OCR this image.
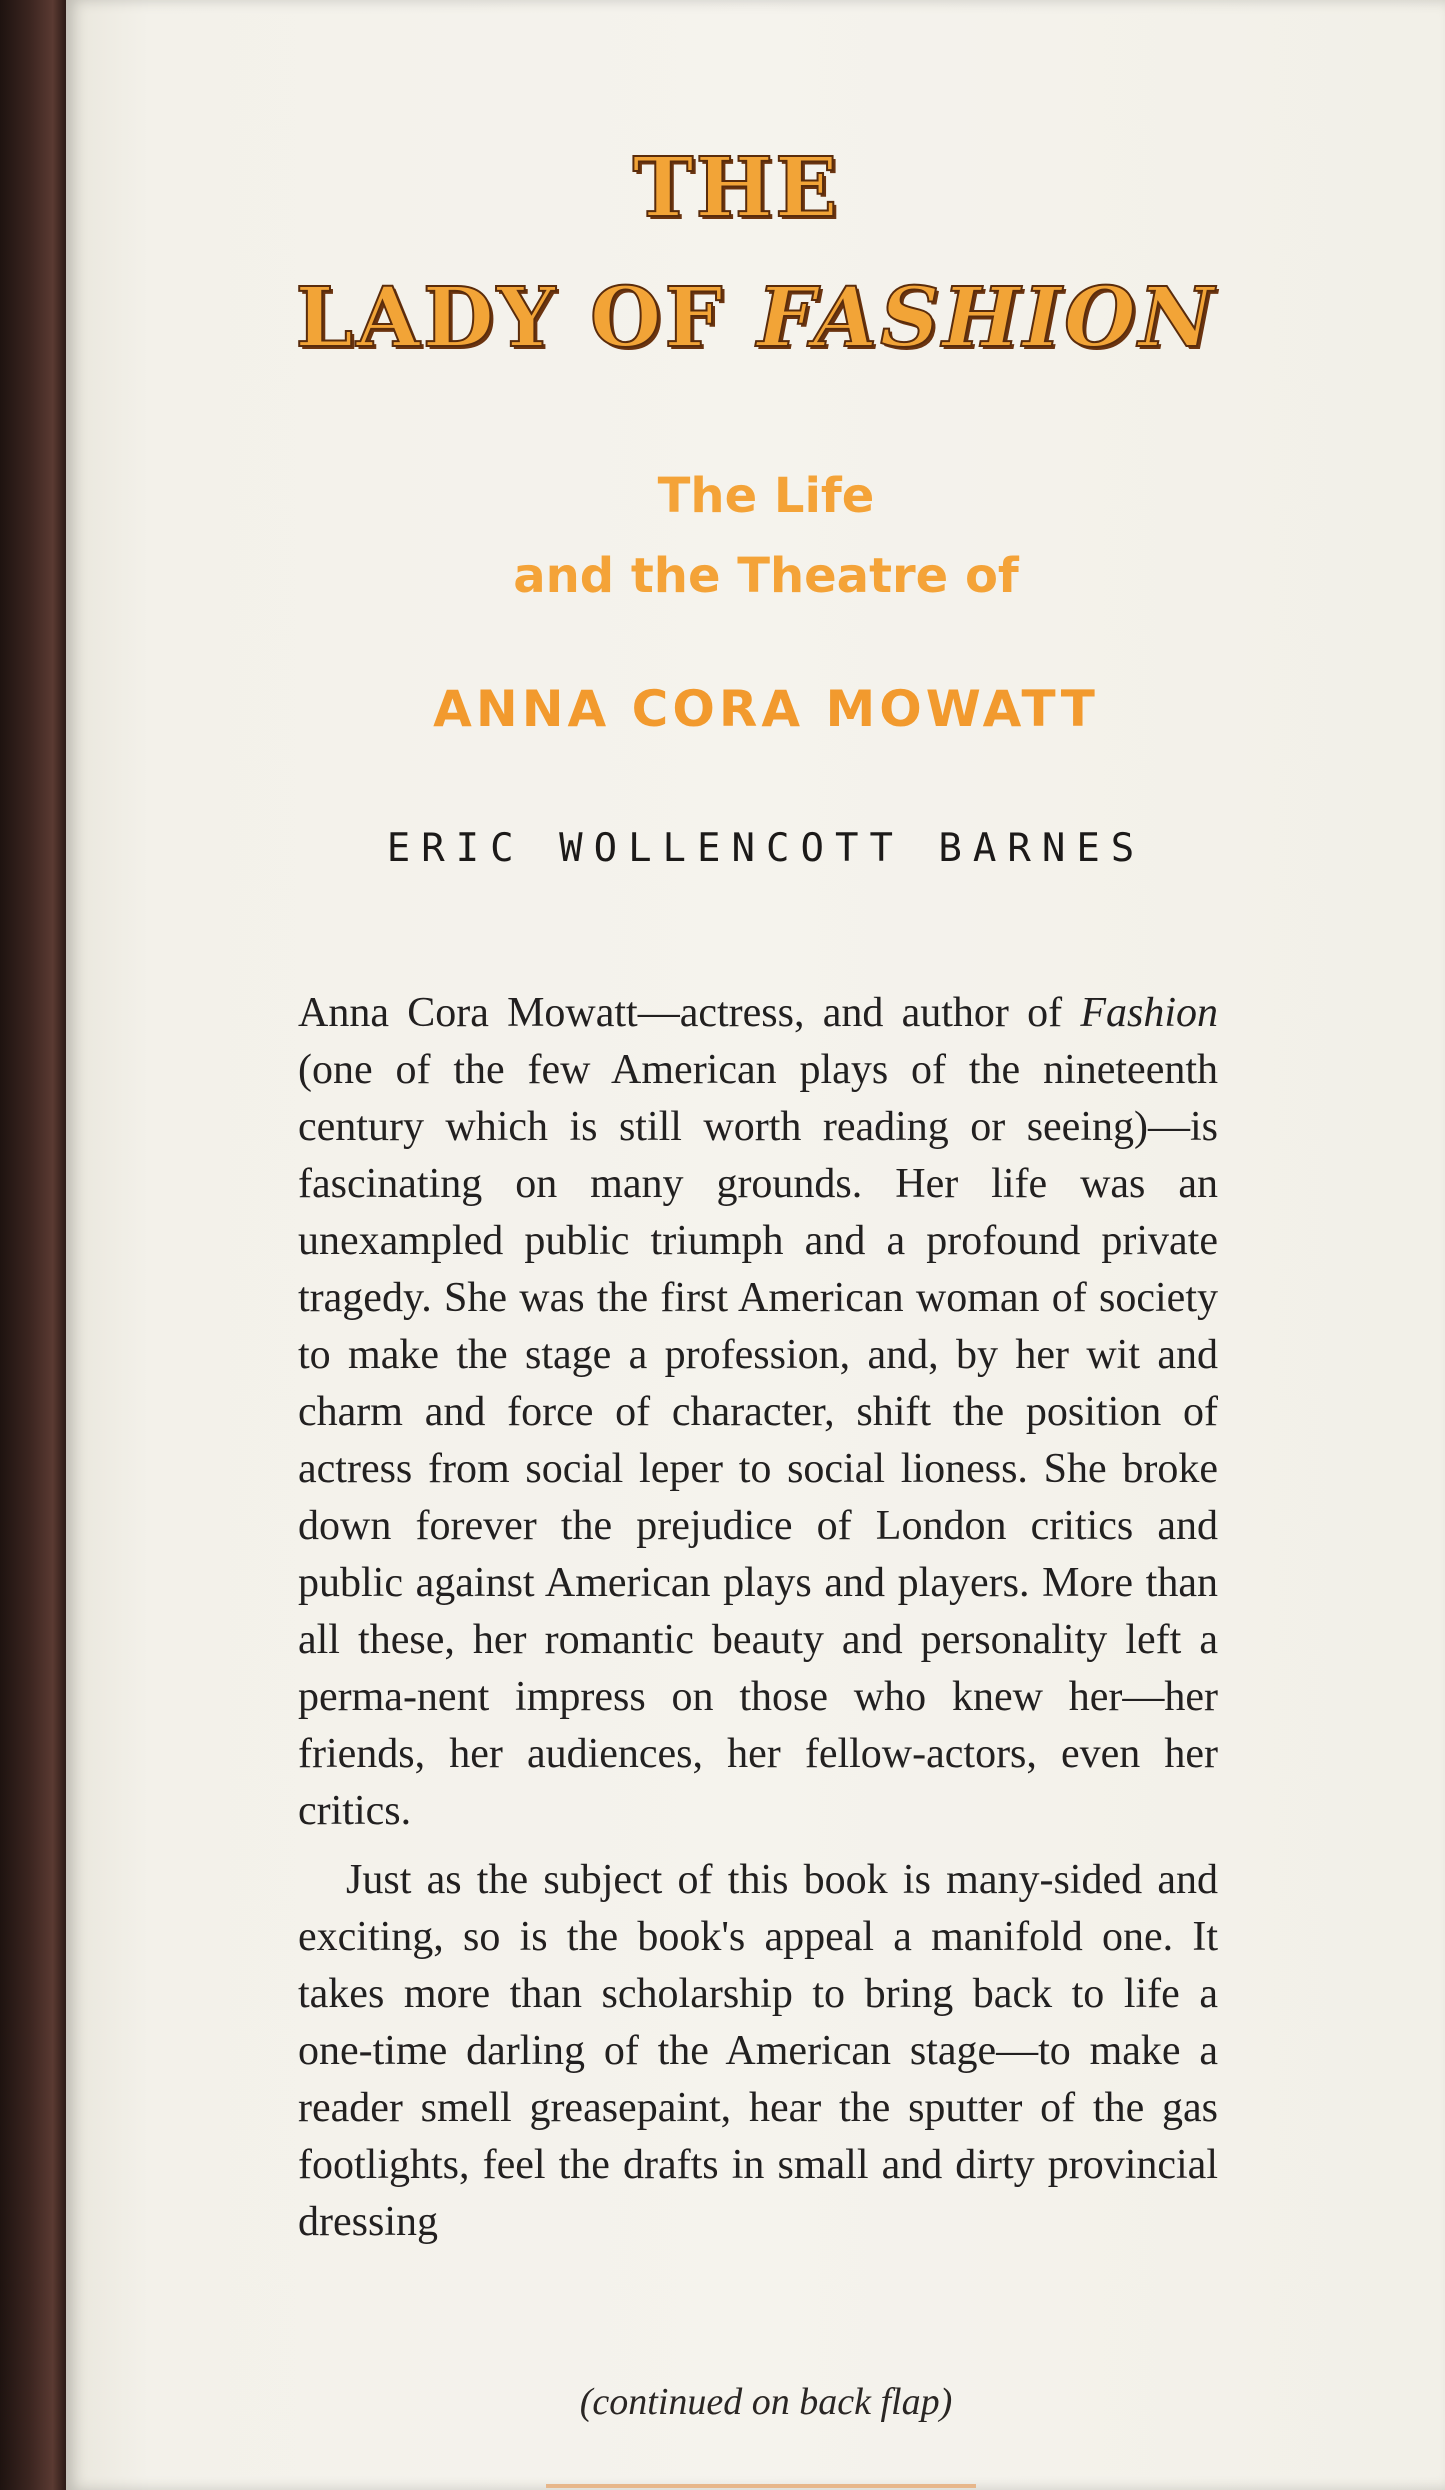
THE
LADY OF FASHION
The Life
and the Theatre of
ANNA CORA MOWATT
ERIC WOLLENCOTT BARNES

Anna Cora Mowatt—actress, and author of Fashion (one of the few American plays of the nineteenth century which is still worth reading or seeing)—is fascinating on many grounds. Her life was an unexampled public triumph and a profound private tragedy. She was the first American woman of society to make the stage a profession, and, by her wit and charm and force of character, shift the position of actress from social leper to social lioness. She broke down forever the prejudice of London critics and public against American plays and players. More than all these, her romantic beauty and personality left a perma-nent impress on those who knew her—her friends, her audiences, her fellow-actors, even her critics.

Just as the subject of this book is many-sided and exciting, so is the book's appeal a manifold one. It takes more than scholarship to bring back to life a one-time darling of the American stage—to make a reader smell greasepaint, hear the sputter of the gas footlights, feel the drafts in small and dirty provincial dressing

(continued on back flap)
